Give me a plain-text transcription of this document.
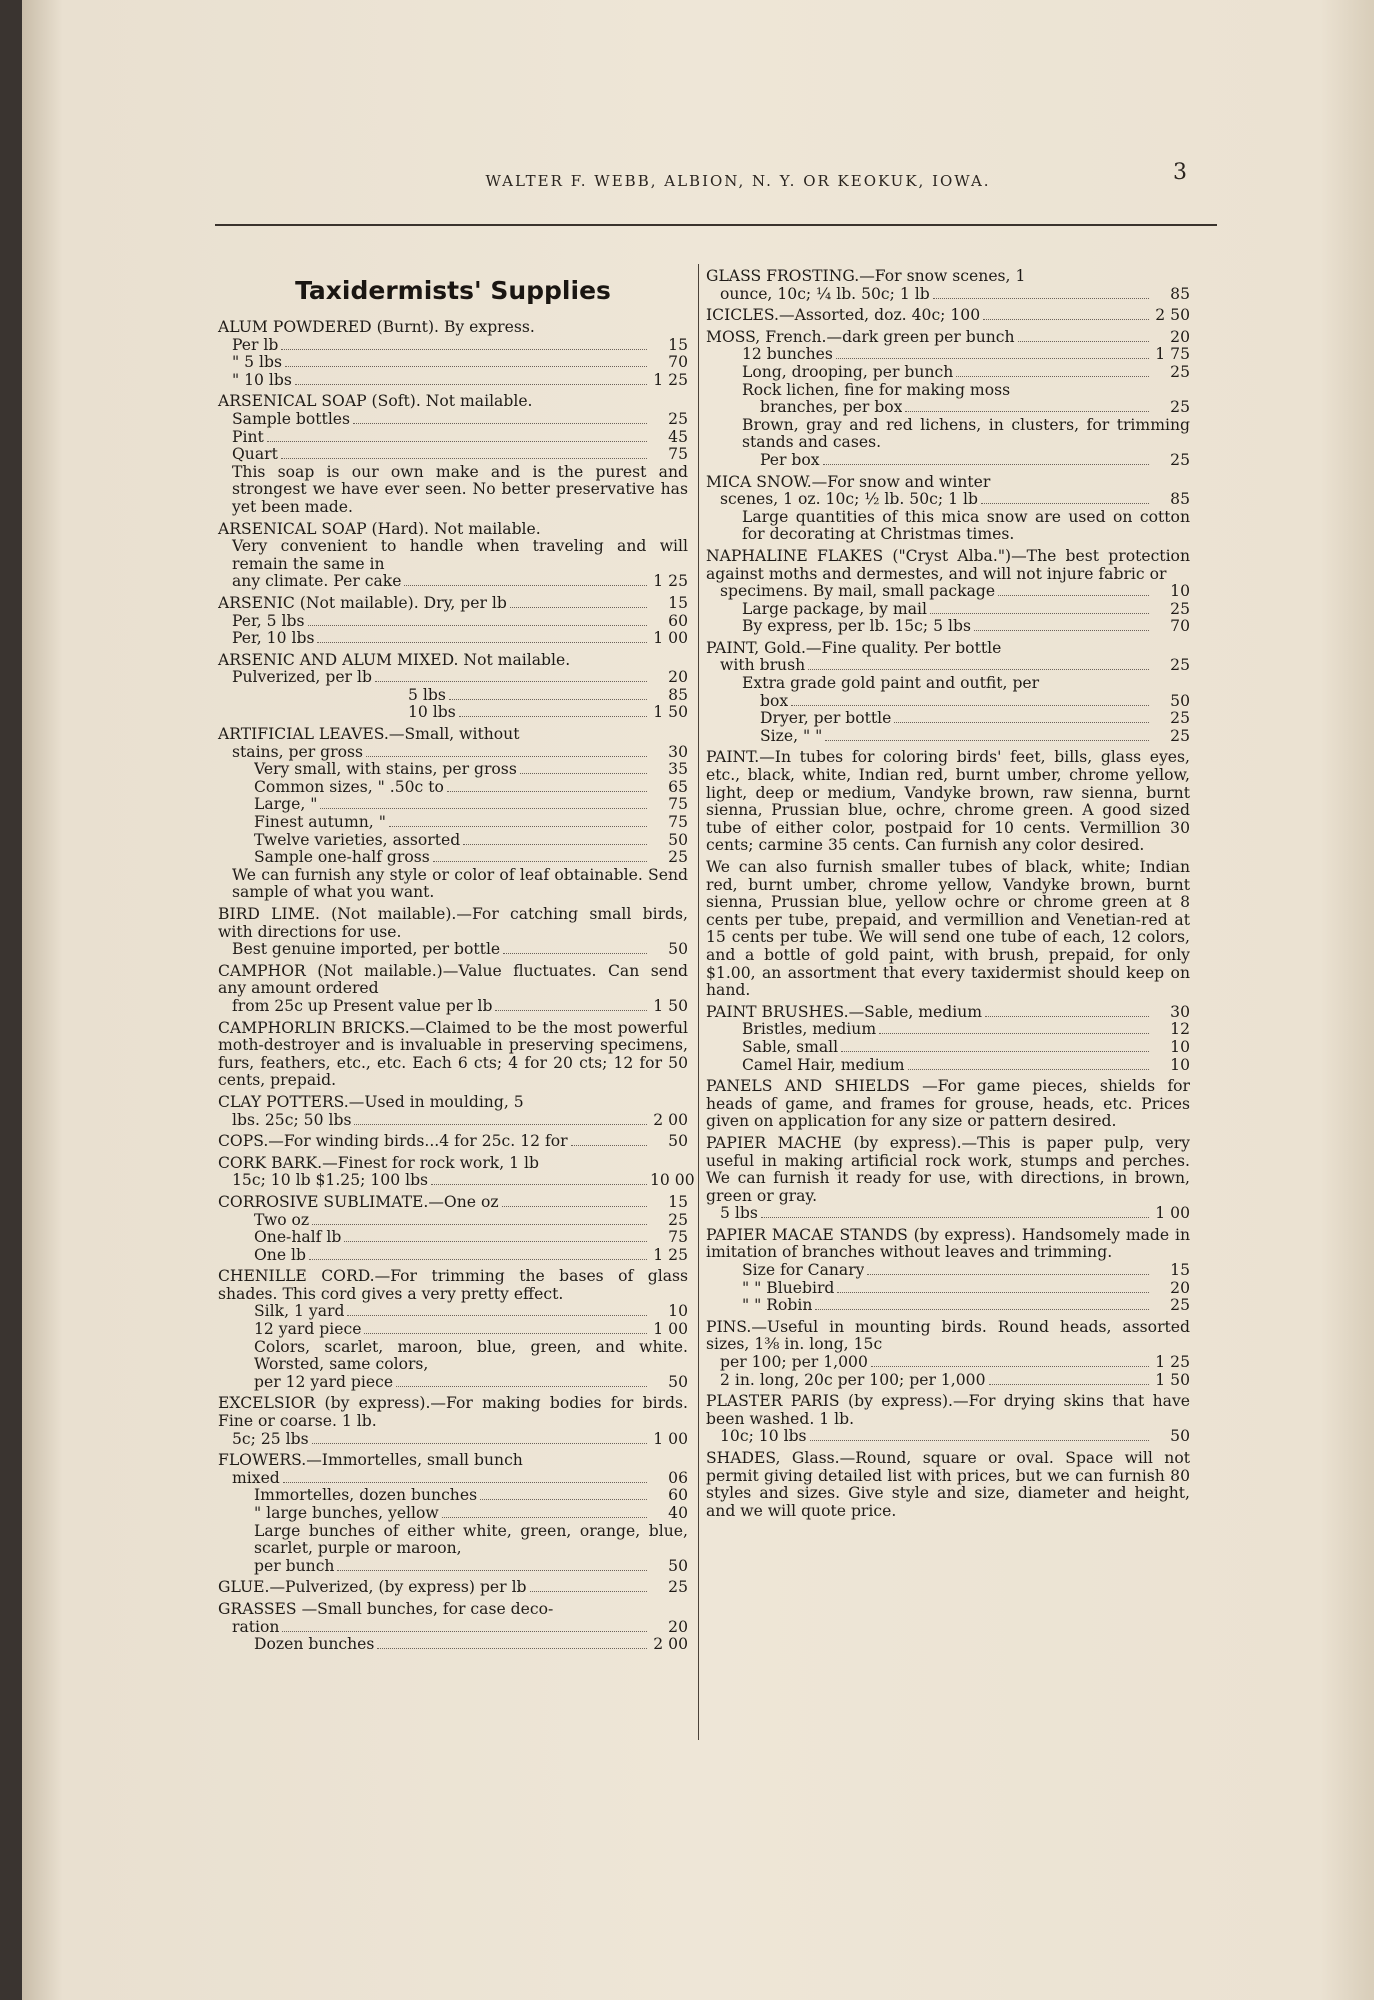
WALTER F. WEBB, ALBION, N. Y. OR KEOKUK, IOWA.	3
Taxidermists' Supplies
ALUM POWDERED (Burnt). By express.
Per lb	15
" 5 lbs	70
" 10 lbs	1 25
ARSENICAL SOAP (Soft). Not mailable.
Sample bottles	25
Pint	45
Quart	75
This soap is our own make and is the purest and strongest we have ever seen. No better preservative has yet been made.
ARSENICAL SOAP (Hard). Not mailable.
Very convenient to handle when traveling and will remain the same in
any climate. Per cake	1 25
ARSENIC (Not mailable). Dry, per lb	15
Per, 5 lbs	60
Per, 10 lbs	1 00
ARSENIC AND ALUM MIXED. Not mailable.
Pulverized, per lb	20
5 lbs	85
10 lbs	1 50
ARTIFICIAL LEAVES.—Small, without
stains, per gross	30
Very small, with stains, per gross	35
Common sizes, " .50c to	65
Large, "	75
Finest autumn, "	75
Twelve varieties, assorted	50
Sample one-half gross	25
We can furnish any style or color of leaf obtainable. Send sample of what you want.
BIRD LIME. (Not mailable).—For catching small birds, with directions for use.
Best genuine imported, per bottle	50
CAMPHOR (Not mailable.)—Value fluctuates. Can send any amount ordered
from 25c up Present value per lb	1 50
CAMPHORLIN BRICKS.—Claimed to be the most powerful moth-destroyer and is invaluable in preserving specimens, furs, feathers, etc., etc. Each 6 cts; 4 for 20 cts; 12 for 50 cents, prepaid.
CLAY POTTERS.—Used in moulding, 5
lbs. 25c; 50 lbs	2 00
COPS.—For winding birds...4 for 25c. 12 for	50
CORK BARK.—Finest for rock work, 1 lb
15c; 10 lb $1.25; 100 lbs	10 00
CORROSIVE SUBLIMATE.—One oz	15
Two oz	25
One-half lb	75
One lb	1 25
CHENILLE CORD.—For trimming the bases of glass shades. This cord gives a very pretty effect.
Silk, 1 yard	10
12 yard piece	1 00
Colors, scarlet, maroon, blue, green, and white. Worsted, same colors,
per 12 yard piece	50
EXCELSIOR (by express).—For making bodies for birds. Fine or coarse. 1 lb.
5c; 25 lbs	1 00
FLOWERS.—Immortelles, small bunch
mixed	06
Immortelles, dozen bunches	60
" large bunches, yellow	40
Large bunches of either white, green, orange, blue, scarlet, purple or maroon,
per bunch	50
GLUE.—Pulverized, (by express) per lb	25
GRASSES —Small bunches, for case deco-
ration	20
Dozen bunches	2 00
GLASS FROSTING.—For snow scenes, 1
ounce, 10c; ¼ lb. 50c; 1 lb	85
ICICLES.—Assorted, doz. 40c; 100	2 50
MOSS, French.—dark green per bunch	20
12 bunches	1 75
Long, drooping, per bunch	25
Rock lichen, fine for making moss
branches, per box	25
Brown, gray and red lichens, in clusters, for trimming stands and cases.
Per box	25
MICA SNOW.—For snow and winter
scenes, 1 oz. 10c; ½ lb. 50c; 1 lb	85
Large quantities of this mica snow are used on cotton for decorating at Christmas times.
NAPHALINE FLAKES ("Cryst Alba.")—The best protection against moths and dermestes, and will not injure fabric or
specimens. By mail, small package	10
Large package, by mail	25
By express, per lb. 15c; 5 lbs	70
PAINT, Gold.—Fine quality. Per bottle
with brush	25
Extra grade gold paint and outfit, per
box	50
Dryer, per bottle	25
Size, " "	25
PAINT.—In tubes for coloring birds' feet, bills, glass eyes, etc., black, white, Indian red, burnt umber, chrome yellow, light, deep or medium, Vandyke brown, raw sienna, burnt sienna, Prussian blue, ochre, chrome green. A good sized tube of either color, postpaid for 10 cents. Vermillion 30 cents; carmine 35 cents. Can furnish any color desired.
We can also furnish smaller tubes of black, white; Indian red, burnt umber, chrome yellow, Vandyke brown, burnt sienna, Prussian blue, yellow ochre or chrome green at 8 cents per tube, prepaid, and vermillion and Venetian-red at 15 cents per tube. We will send one tube of each, 12 colors, and a bottle of gold paint, with brush, prepaid, for only $1.00, an assortment that every taxidermist should keep on hand.
PAINT BRUSHES.—Sable, medium	30
Bristles, medium	12
Sable, small	10
Camel Hair, medium	10
PANELS AND SHIELDS —For game pieces, shields for heads of game, and frames for grouse, heads, etc. Prices given on application for any size or pattern desired.
PAPIER MACHE (by express).—This is paper pulp, very useful in making artificial rock work, stumps and perches. We can furnish it ready for use, with directions, in brown, green or gray.
5 lbs	1 00
PAPIER MACAE STANDS (by express). Handsomely made in imitation of branches without leaves and trimming.
Size for Canary	15
" " Bluebird	20
" " Robin	25
PINS.—Useful in mounting birds. Round heads, assorted sizes, 1⅜ in. long, 15c
per 100; per 1,000	1 25
2 in. long, 20c per 100; per 1,000	1 50
PLASTER PARIS (by express).—For drying skins that have been washed. 1 lb.
10c; 10 lbs	50
SHADES, Glass.—Round, square or oval. Space will not permit giving detailed list with prices, but we can furnish 80 styles and sizes. Give style and size, diameter and height, and we will quote price.
